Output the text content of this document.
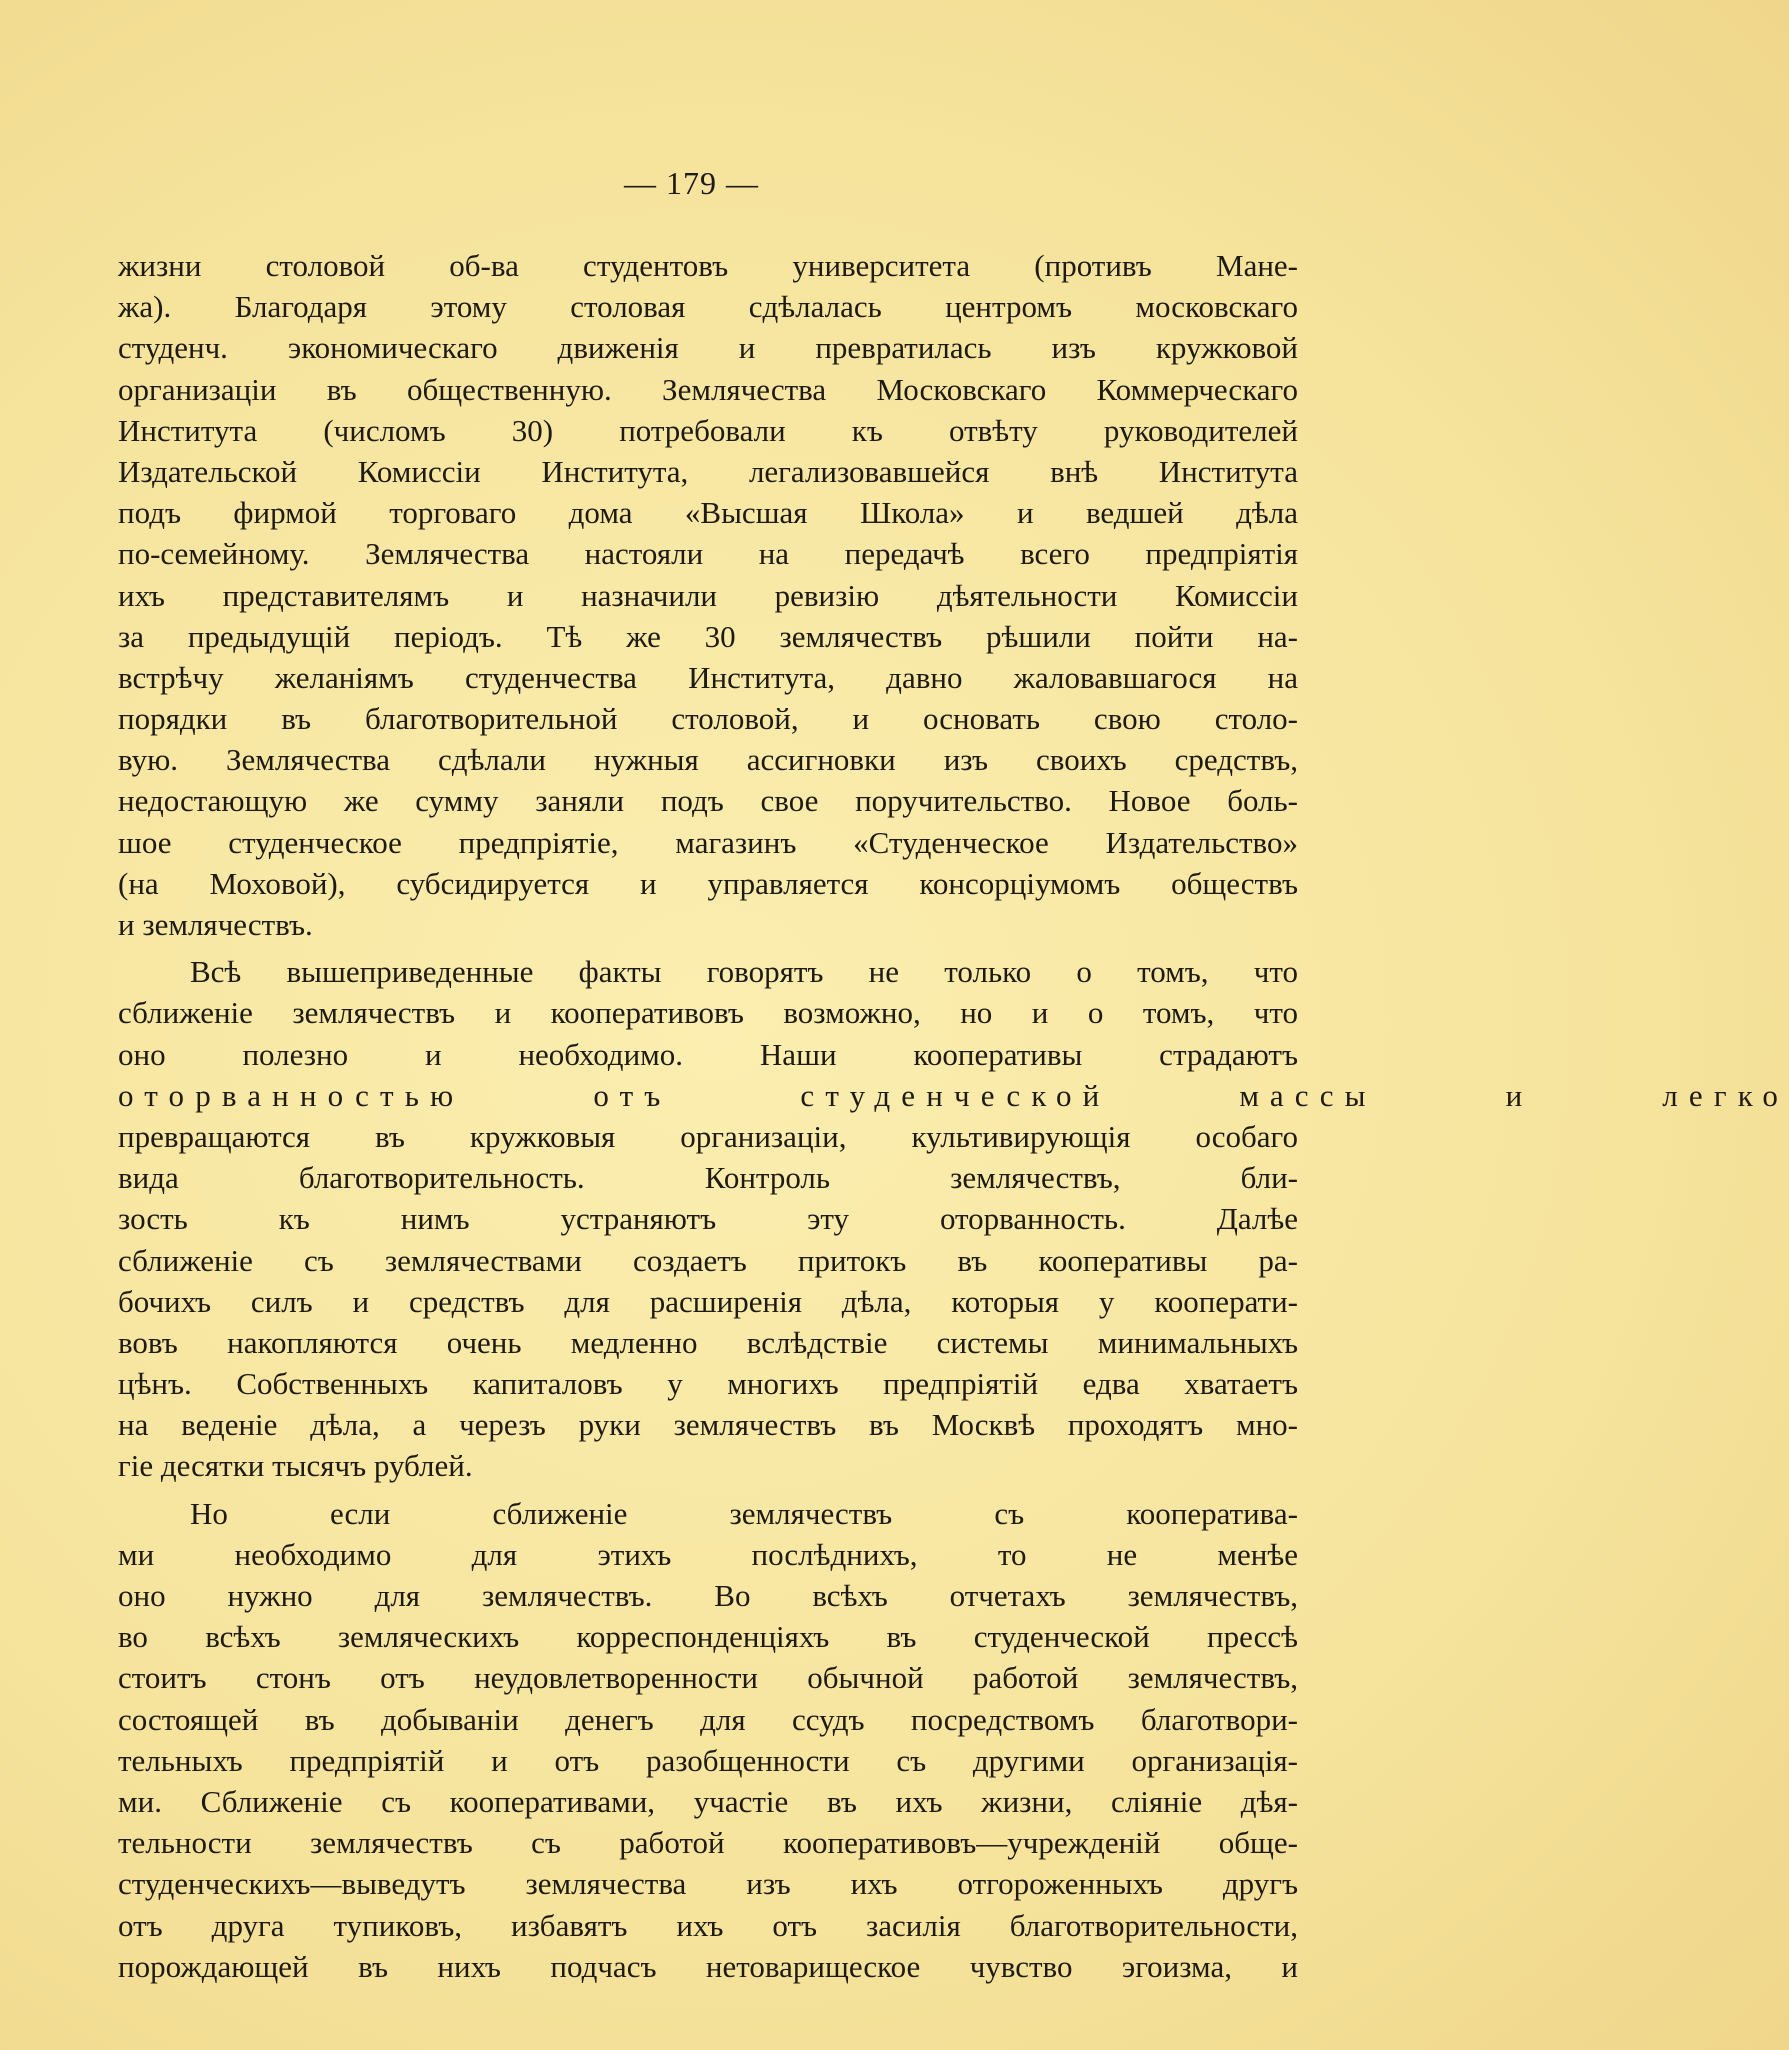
— 179 —
жизни столовой об-ва студентовъ университета (противъ Мане-
жа). Благодаря этому столовая сдѣлалась центромъ московскаго
студенч. экономическаго движенія и превратилась изъ кружковой
организаціи въ общественную. Землячества Московскаго Коммерческаго
Института (числомъ 30) потребовали къ отвѣту руководителей
Издательской Комиссіи Института, легализовавшейся внѣ Института
подъ фирмой торговаго дома «Высшая Школа» и ведшей дѣла
по-семейному. Землячества настояли на передачѣ всего предпріятія
ихъ представителямъ и назначили ревизію дѣятельности Комиссіи
за предыдущій періодъ. Тѣ же 30 землячествъ рѣшили пойти на-
встрѣчу желаніямъ студенчества Института, давно жаловавшагося на
порядки въ благотворительной столовой, и основать свою столо-
вую. Землячества сдѣлали нужныя ассигновки изъ своихъ средствъ,
недостающую же сумму заняли подъ свое поручительство. Новое боль-
шое студенческое предпріятіе, магазинъ «Студенческое Издательство»
(на Моховой), субсидируется и управляется консорціумомъ обществъ
и землячествъ.
Всѣ вышеприведенные факты говорятъ не только о томъ, что
сближеніе землячествъ и кооперативовъ возможно, но и о томъ, что
оно полезно и необходимо. Наши кооперативы страдаютъ
оторванностью отъ студенческой массы и легко
превращаются въ кружковыя организаціи, культивирующія особаго
вида благотворительность. Контроль землячествъ, бли-
зость къ нимъ устраняютъ эту оторванность. Далѣе
сближеніе съ землячествами создаетъ притокъ въ кооперативы ра-
бочихъ силъ и средствъ для расширенія дѣла, которыя у кооперати-
вовъ накопляются очень медленно вслѣдствіе системы минимальныхъ
цѣнъ. Собственныхъ капиталовъ у многихъ предпріятій едва хватаетъ
на веденіе дѣла, а черезъ руки землячествъ въ Москвѣ проходятъ мно-
гіе десятки тысячъ рублей.
Но если сближеніе землячествъ съ кооператива-
ми необходимо для этихъ послѣднихъ, то не менѣе
оно нужно для землячествъ. Во всѣхъ отчетахъ землячествъ,
во всѣхъ земляческихъ корреспонденціяхъ въ студенческой прессѣ
стоитъ стонъ отъ неудовлетворенности обычной работой землячествъ,
состоящей въ добываніи денегъ для ссудъ посредствомъ благотвори-
тельныхъ предпріятій и отъ разобщенности съ другими организація-
ми. Сближеніе съ кооперативами, участіе въ ихъ жизни, сліяніе дѣя-
тельности землячествъ съ работой кооперативовъ—учрежденій обще-
студенческихъ—выведутъ землячества изъ ихъ отгороженныхъ другъ
отъ друга тупиковъ, избавятъ ихъ отъ засилія благотворительности,
порождающей въ нихъ подчасъ нетоварищеское чувство эгоизма, и
